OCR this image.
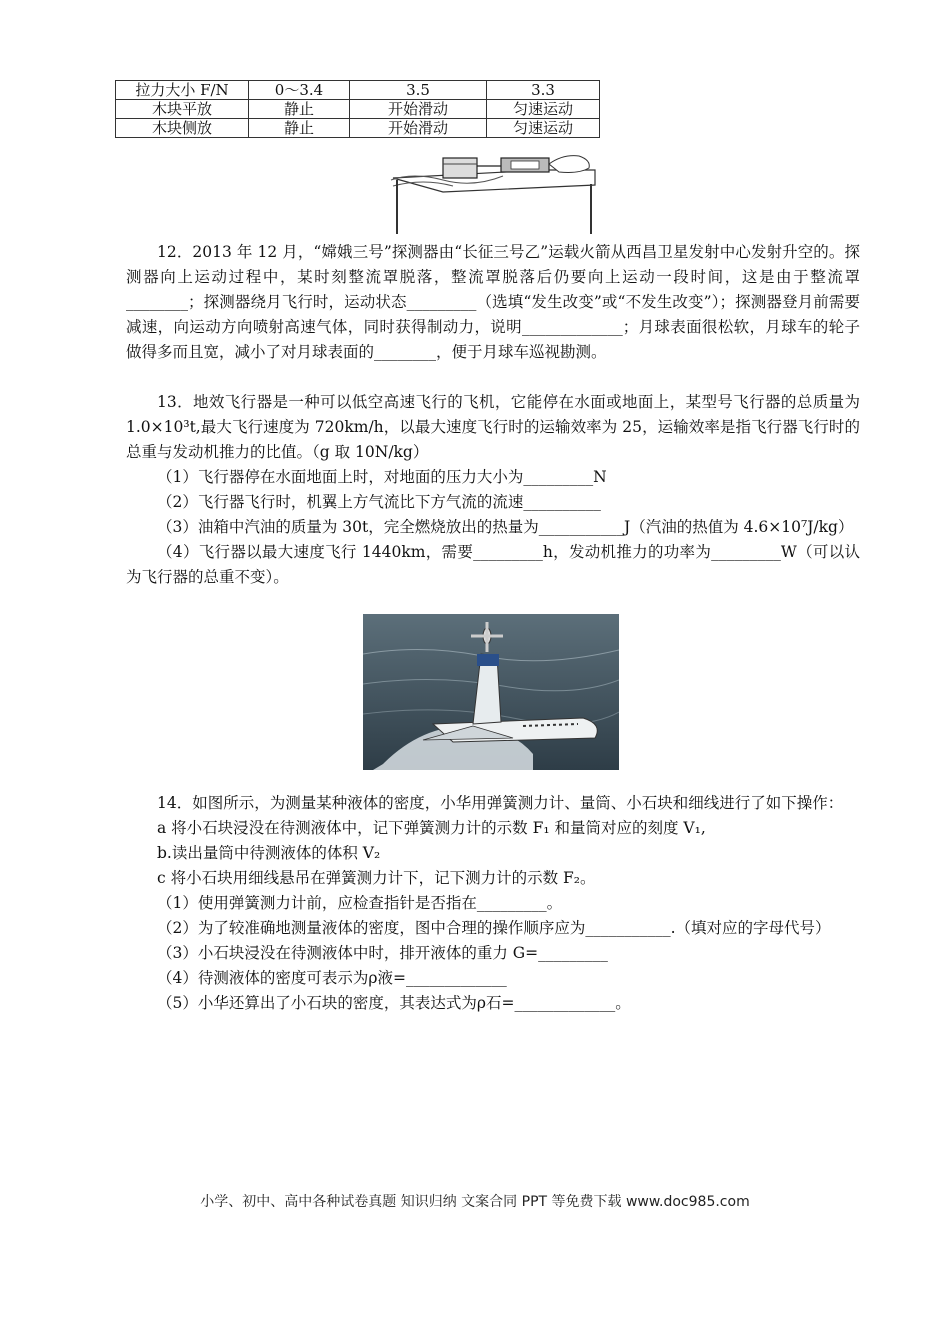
拉力大小 F/N	0～3.4	3.5	3.3
木块平放	静止	开始滑动	匀速运动
木块侧放	静止	开始滑动	匀速运动

12．2013 年 12 月，“嫦娥三号”探测器由“长征三号乙”运载火箭从西昌卫星发射中心发射升空的。探测器向上运动过程中，某时刻整流罩脱落，整流罩脱落后仍要向上运动一段时间，这是由于整流罩________；探测器绕月飞行时，运动状态_________（选填“发生改变”或“不发生改变”）；探测器登月前需要减速，向运动方向喷射高速气体，同时获得制动力，说明_____________；月球表面很松软，月球车的轮子做得多而且宽，减小了对月球表面的________，便于月球车巡视勘测。

13．地效飞行器是一种可以低空高速飞行的飞机，它能停在水面或地面上，某型号飞行器的总质量为 1.0×10³t,最大飞行速度为 720km/h，以最大速度飞行时的运输效率为 25，运输效率是指飞行器飞行时的总重与发动机推力的比值。（g 取 10N/kg）

（1）飞行器停在水面地面上时，对地面的压力大小为_________N

（2）飞行器飞行时，机翼上方气流比下方气流的流速__________

（3）油箱中汽油的质量为 30t，完全燃烧放出的热量为___________J（汽油的热值为 4.6×10⁷J/kg）

（4）飞行器以最大速度飞行 1440km，需要_________h，发动机推力的功率为_________W（可以认为飞行器的总重不变）。

14．如图所示，为测量某种液体的密度，小华用弹簧测力计、量筒、小石块和细线进行了如下操作：

a 将小石块浸没在待测液体中，记下弹簧测力计的示数 F₁ 和量筒对应的刻度 V₁,

b.读出量筒中待测液体的体积 V₂

c 将小石块用细线悬吊在弹簧测力计下，记下测力计的示数 F₂。

（1）使用弹簧测力计前，应检查指针是否指在_________。

（2）为了较准确地测量液体的密度，图中合理的操作顺序应为___________.（填对应的字母代号）

（3）小石块浸没在待测液体中时，排开液体的重力 G=_________

（4）待测液体的密度可表示为ρ液=_____________

（5）小华还算出了小石块的密度，其表达式为ρ石=_____________。

小学、初中、高中各种试卷真题 知识归纳 文案合同 PPT 等免费下载 www.doc985.com
